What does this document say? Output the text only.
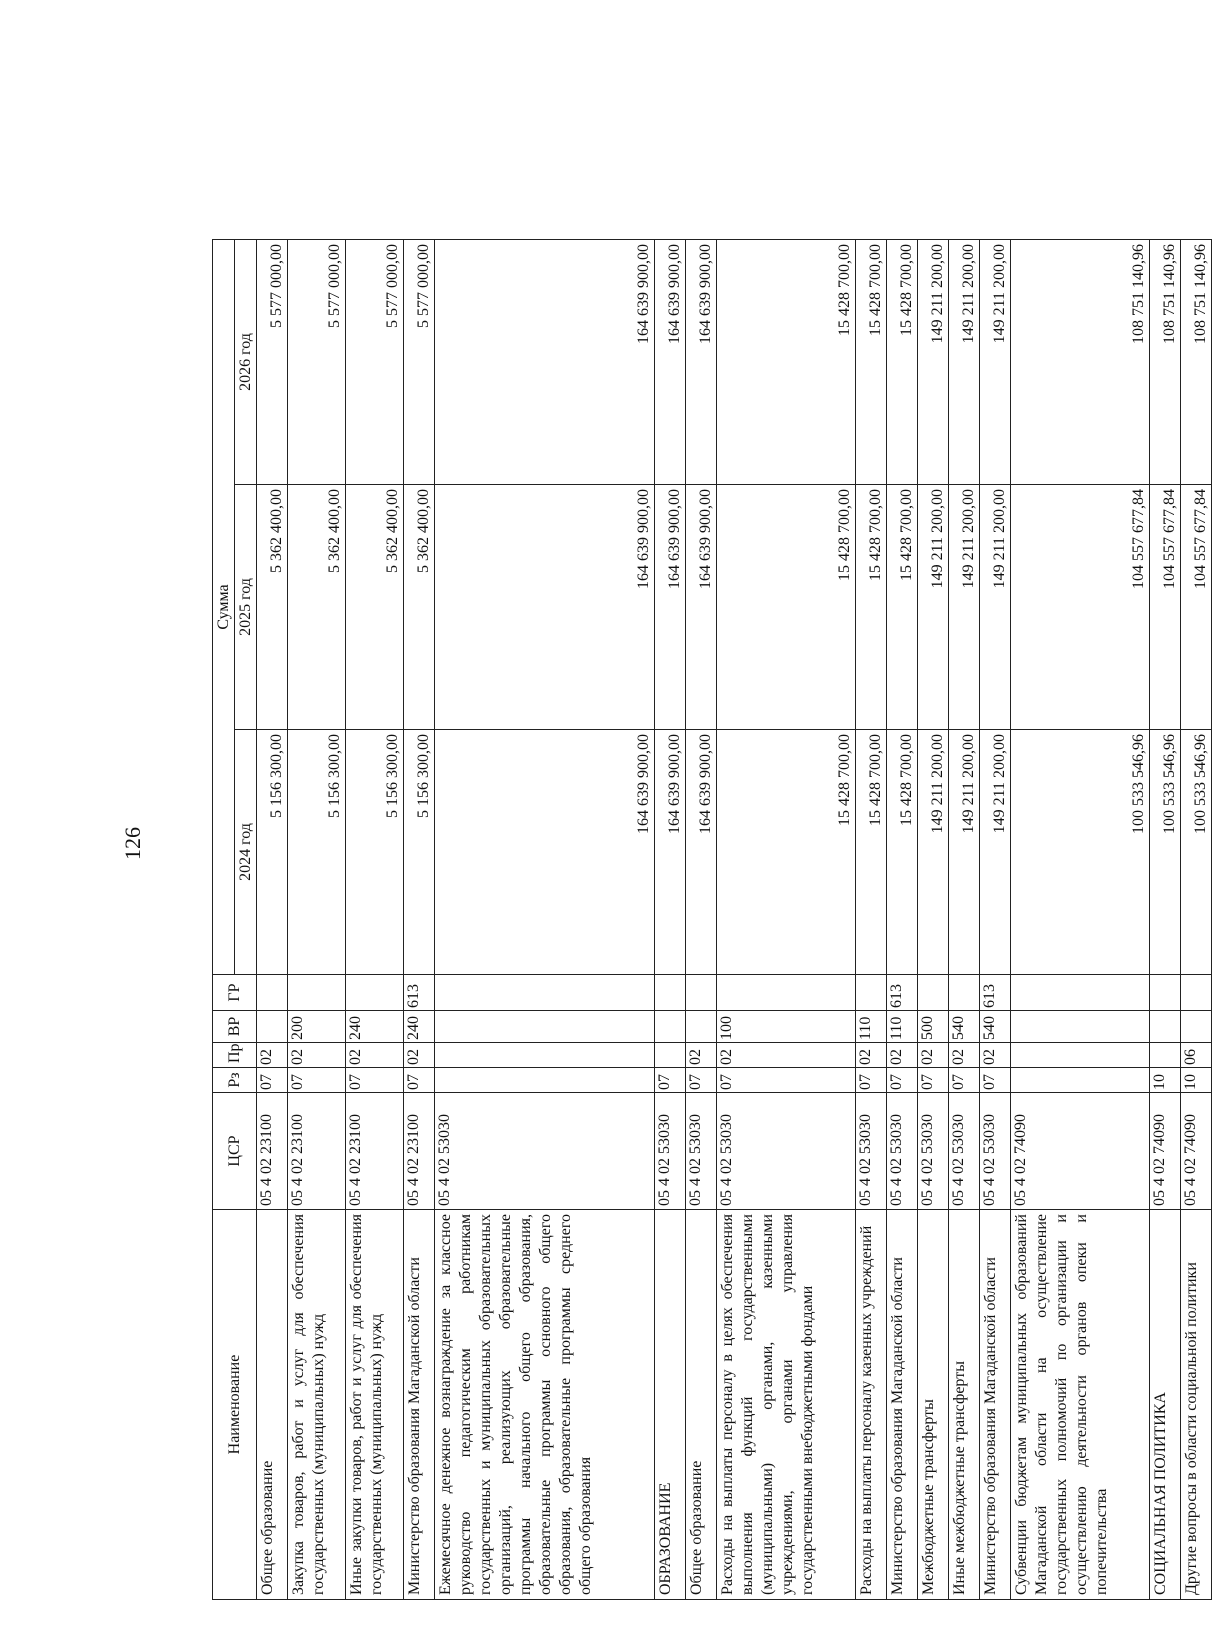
126
Наименование	ЦСР	Рз	Пр	ВР	ГР	Сумма		
						2024 год	2025 год	2026 год
Общее образование	05 4 02 23100	07	02			5 156 300,00	5 362 400,00	5 577 000,00
Закупка товаров, работ и услуг для обеспечения государственных (муниципальных) нужд	05 4 02 23100	07	02	200		5 156 300,00	5 362 400,00	5 577 000,00
Иные закупки товаров, работ и услуг для обеспечения государственных (муниципальных) нужд	05 4 02 23100	07	02	240		5 156 300,00	5 362 400,00	5 577 000,00
Министерство образования Магаданской области	05 4 02 23100	07	02	240	613	5 156 300,00	5 362 400,00	5 577 000,00
Ежемесячное денежное вознаграждение за классное руководство педагогическим работникам государственных и муниципальных образовательных организаций, реализующих образовательные программы начального общего образования, образовательные программы основного общего образования, образовательные программы среднего общего образования	05 4 02 53030					164 639 900,00	164 639 900,00	164 639 900,00
ОБРАЗОВАНИЕ	05 4 02 53030	07				164 639 900,00	164 639 900,00	164 639 900,00
Общее образование	05 4 02 53030	07	02			164 639 900,00	164 639 900,00	164 639 900,00
Расходы на выплаты персоналу в целях обеспечения выполнения функций государственными (муниципальными) органами, казенными учреждениями, органами управления государственными внебюджетными фондами	05 4 02 53030	07	02	100		15 428 700,00	15 428 700,00	15 428 700,00
Расходы на выплаты персоналу казенных учреждений	05 4 02 53030	07	02	110		15 428 700,00	15 428 700,00	15 428 700,00
Министерство образования Магаданской области	05 4 02 53030	07	02	110	613	15 428 700,00	15 428 700,00	15 428 700,00
Межбюджетные трансферты	05 4 02 53030	07	02	500		149 211 200,00	149 211 200,00	149 211 200,00
Иные межбюджетные трансферты	05 4 02 53030	07	02	540		149 211 200,00	149 211 200,00	149 211 200,00
Министерство образования Магаданской области	05 4 02 53030	07	02	540	613	149 211 200,00	149 211 200,00	149 211 200,00
Субвенции бюджетам муниципальных образований Магаданской области на осуществление государственных полномочий по организации и осуществлению деятельности органов опеки и попечительства	05 4 02 74090					100 533 546,96	104 557 677,84	108 751 140,96
СОЦИАЛЬНАЯ ПОЛИТИКА	05 4 02 74090	10				100 533 546,96	104 557 677,84	108 751 140,96
Другие вопросы в области социальной политики	05 4 02 74090	10	06			100 533 546,96	104 557 677,84	108 751 140,96
